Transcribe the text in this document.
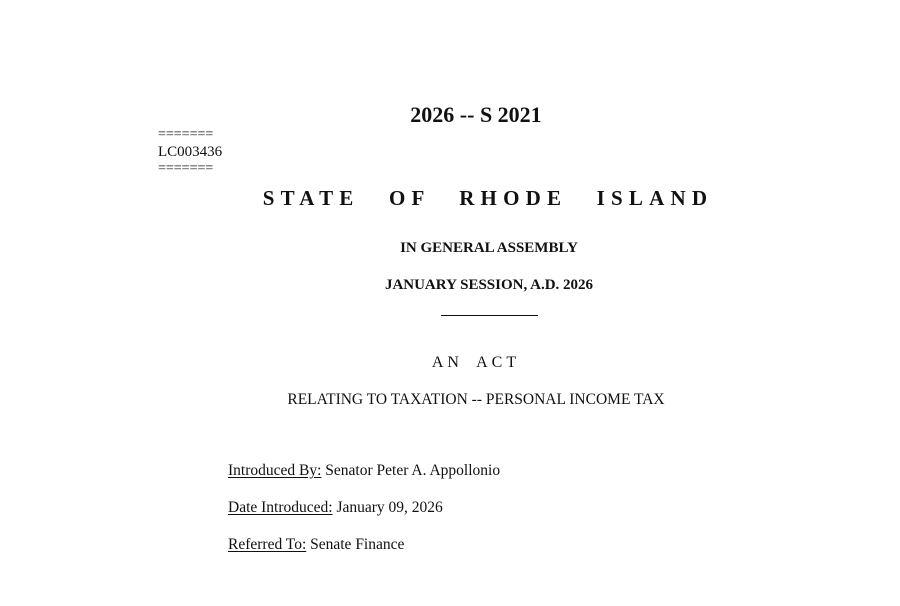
2026 -- S 2021
=======
LC003436
=======
STATE OF RHODE ISLAND
IN GENERAL ASSEMBLY
JANUARY SESSION, A.D. 2026
AN ACT
RELATING TO TAXATION -- PERSONAL INCOME TAX
Introduced By: Senator Peter A. Appollonio
Date Introduced: January 09, 2026
Referred To: Senate Finance
